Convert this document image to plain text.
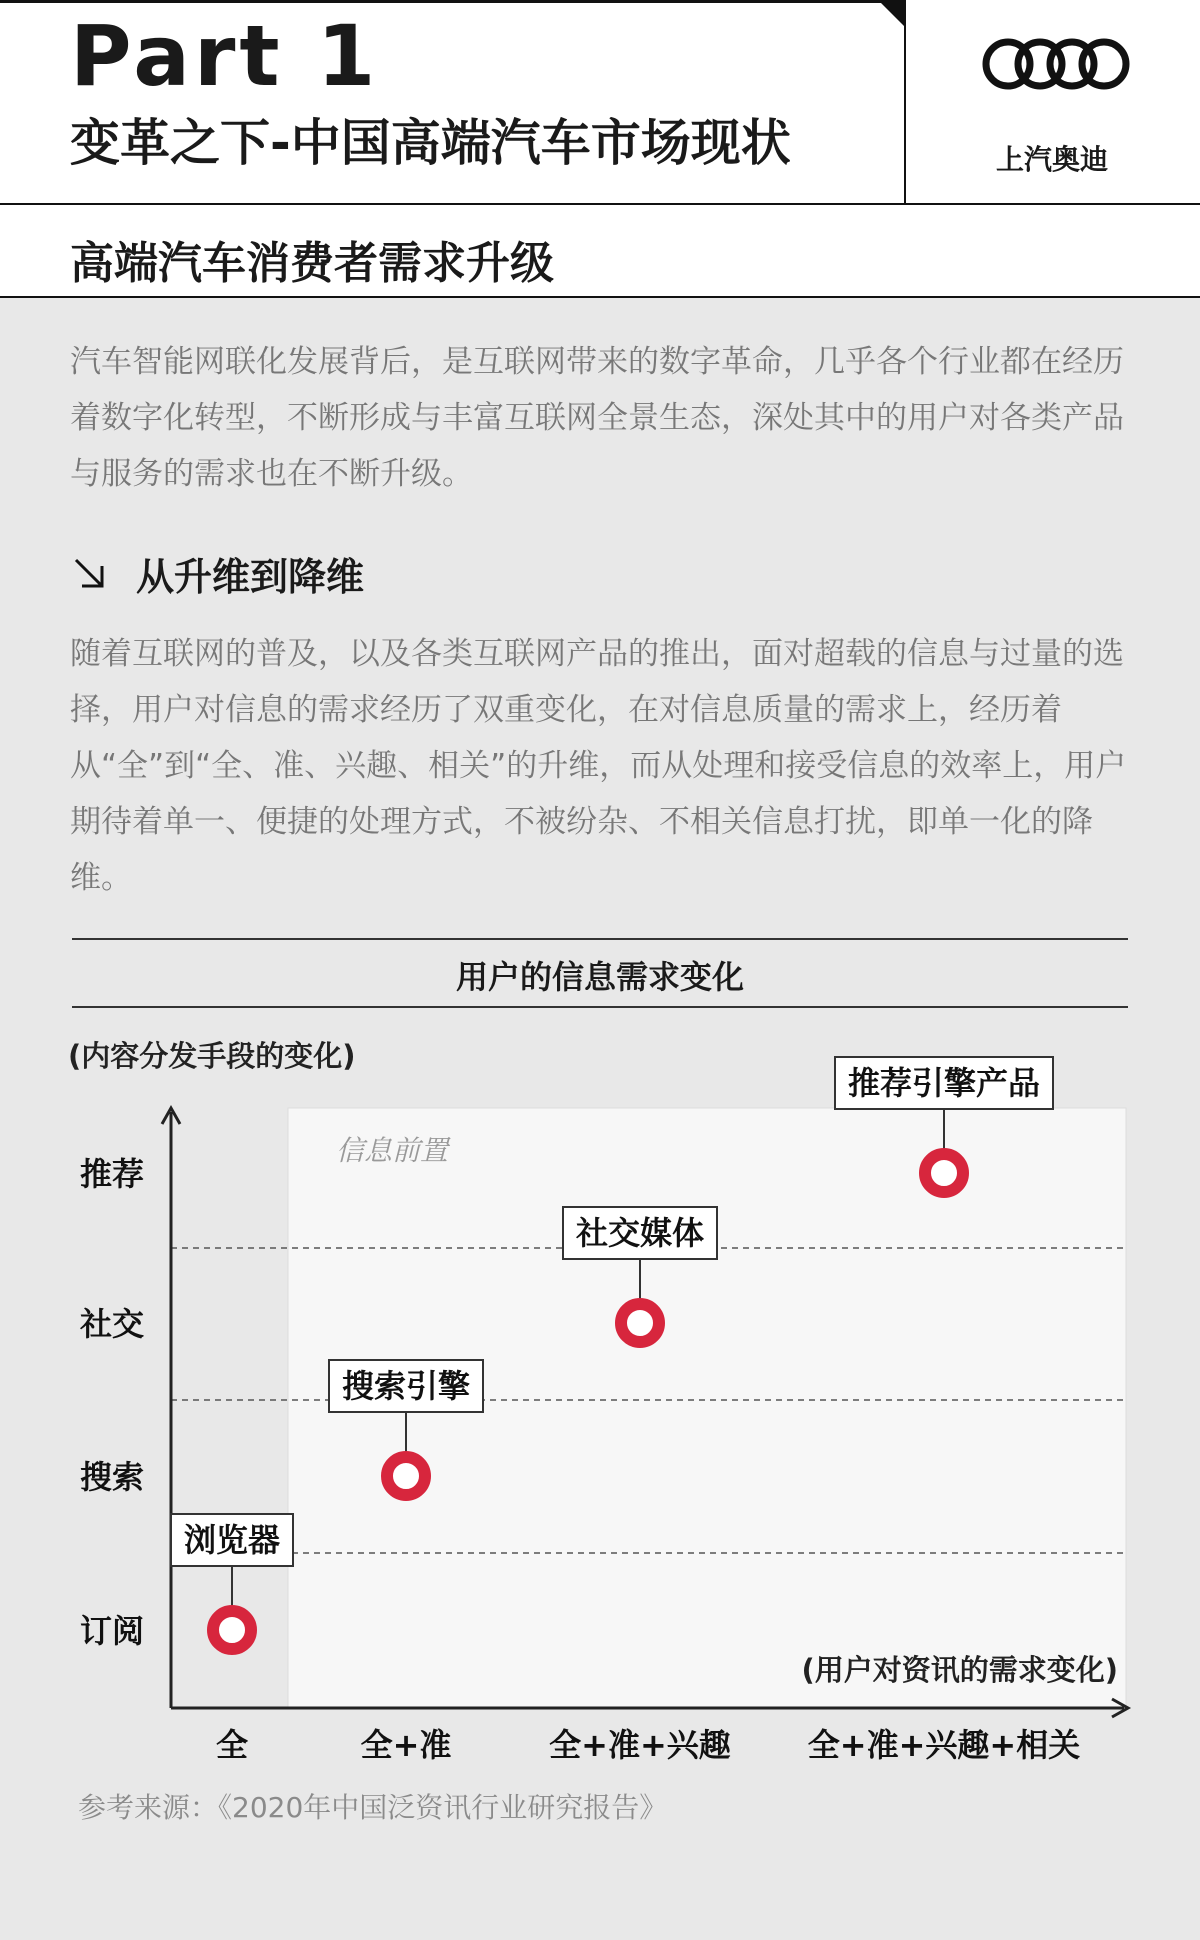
Part 1
变革之下-中国高端汽车市场现状	上汽奥迪
高端汽车消费者需求升级
汽车智能网联化发展背后，是互联网带来的数字革命，几乎各个行业都在经历着数字化转型，不断形成与丰富互联网全景生态，深处其中的用户对各类产品与服务的需求也在不断升级。
从升维到降维
随着互联网的普及，以及各类互联网产品的推出，面对超载的信息与过量的选择，用户对信息的需求经历了双重变化，在对信息质量的需求上，经历着从“全”到“全、准、兴趣、相关”的升维，而从处理和接受信息的效率上，用户期待着单一、便捷的处理方式，不被纷杂、不相关信息打扰，即单一化的降维。
用户的信息需求变化
信息前置
(内容分发手段的变化)
(用户对资讯的需求变化)
订阅
搜索
社交
推荐
全	全+准	全+准+兴趣 全+准+兴趣+相关
浏览器
搜索引擎
社交媒体
推荐引擎产品
参考来源：《2020年中国泛资讯行业研究报告》
